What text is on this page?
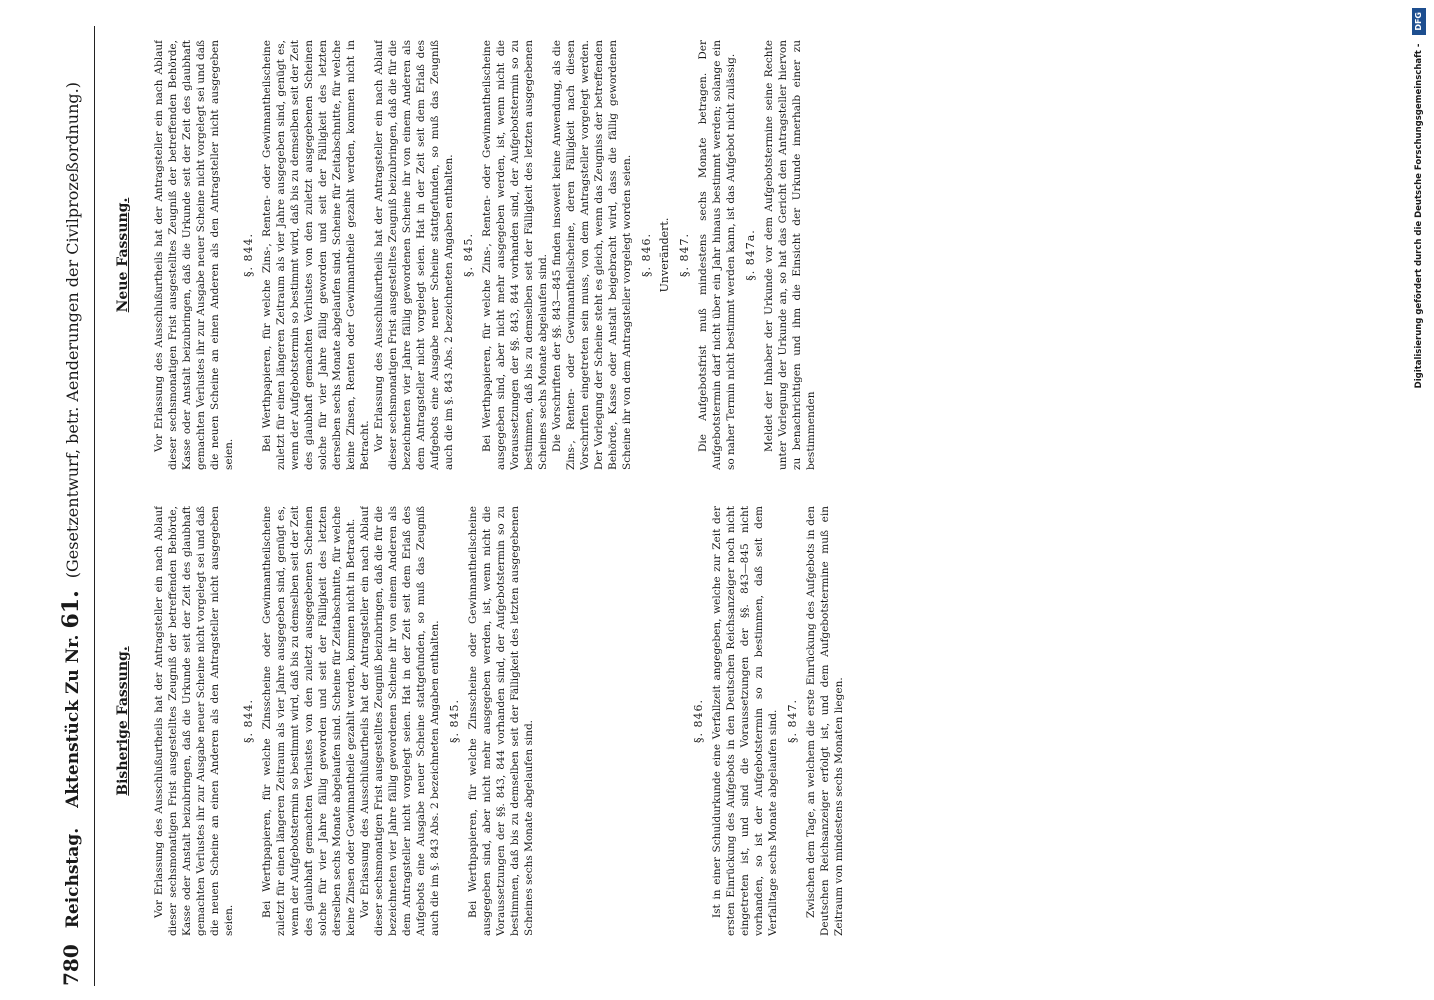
780
Reichstag.
Aktenstück Zu Nr.
61.
(Gesetzentwurf, betr. Aenderungen der Civilprozeßordnung.)
Bisherige Fassung. Vor Erlassung des Ausschlußurtheils hat der Antragsteller ein nach Ablauf dieser sechsmonatigen Frist ausgestelltes Zeugniß der betreffenden Behörde, Kasse oder Anstalt beizubringen, daß die Urkunde seit der Zeit des glaubhaft gemachten Verlustes ihr zur Ausgabe neuer Scheine nicht vorgelegt sei und daß die neuen Scheine an einen Anderen als den Antragsteller nicht ausgegeben seien.

§. 844. Bei Werthpapieren, für welche Zinsscheine oder Gewinnantheilscheine zuletzt für einen längeren Zeitraum als vier Jahre ausgegeben sind, genügt es, wenn der Aufgebotstermin so bestimmt wird, daß bis zu demselben seit der Zeit des glaubhaft gemachten Verlustes von den zuletzt ausgegebenen Scheinen solche für vier Jahre fällig geworden und seit der Fälligkeit des letzten derselben sechs Monate abgelaufen sind. Scheine für Zeitabschnitte, für welche keine Zinsen oder Gewinnantheile gezahlt werden, kommen nicht in Betracht. Vor Erlassung des Ausschlußurtheils hat der Antragsteller ein nach Ablauf dieser sechsmonatigen Frist ausgestelltes Zeugniß beizubringen, daß die für die bezeichneten vier Jahre fällig gewordenen Scheine ihr von einem Anderen als dem Antragsteller nicht vorgelegt seien. Hat in der Zeit seit dem Erlaß des Aufgebots eine Ausgabe neuer Scheine stattgefunden, so muß das Zeugniß auch die im §. 843 Abs. 2 bezeichneten Angaben enthalten. §. 845. Bei Werthpapieren, für welche Zinsscheine oder Gewinnantheilscheine ausgegeben sind, aber nicht mehr ausgegeben werden, ist, wenn nicht die Voraussetzungen der §§. 843, 844 vorhanden sind, der Aufgebotstermin so zu bestimmen, daß bis zu demselben seit der Fälligkeit des letzten ausgegebenen Scheines sechs Monate abgelaufen sind.	§. 846. Ist in einer Schuldurkunde eine Verfallzeit angegeben, welche zur Zeit der ersten Einrückung des Aufgebots in den Deutschen Reichsanzeiger noch nicht eingetreten ist, und sind die Voraussetzungen der §§. 843—845 nicht vorhanden, so ist der Aufgebotstermin so zu bestimmen, daß seit dem Verfalltage sechs Monate abgelaufen sind. §. 847. Zwischen dem Tage, an welchem die erste Einrückung des Aufgebots in den Deutschen Reichsanzeiger erfolgt ist, und dem Aufgebotstermine muß ein Zeitraum von mindestens sechs Monaten liegen.

Neue Fassung. Vor Erlassung des Ausschlußurtheils hat der Antragsteller ein nach Ablauf dieser sechsmonatigen Frist ausgestelltes Zeugniß der betreffenden Behörde, Kasse oder Anstalt beizubringen, daß die Urkunde seit der Zeit des glaubhaft gemachten Verlustes ihr zur Ausgabe neuer Scheine nicht vorgelegt sei und daß die neuen Scheine an einen Anderen als den Antragsteller nicht ausgegeben seien.

§. 844. Bei Werthpapieren, für welche Zins-, Renten- oder Gewinnantheilscheine zuletzt für einen längeren Zeitraum als vier Jahre ausgegeben sind, genügt es, wenn der Aufgebotstermin so bestimmt wird, daß bis zu demselben seit der Zeit des glaubhaft gemachten Verlustes von den zuletzt ausgegebenen Scheinen solche für vier Jahre fällig geworden und seit der Fälligkeit des letzten derselben sechs Monate abgelaufen sind. Scheine für Zeitabschnitte, für welche keine Zinsen, Renten oder Gewinnantheile gezahlt werden, kommen nicht in Betracht. Vor Erlassung des Ausschlußurtheils hat der Antragsteller ein nach Ablauf dieser sechsmonatigen Frist ausgestelltes Zeugniß beizubringen, daß die für die bezeichneten vier Jahre fällig gewordenen Scheine ihr von einem Anderen als dem Antragsteller nicht vorgelegt seien. Hat in der Zeit seit dem Erlaß des Aufgebots eine Ausgabe neuer Scheine stattgefunden, so muß das Zeugniß auch die im §. 843 Abs. 2 bezeichneten Angaben enthalten. §. 845. Bei Werthpapieren, für welche Zins-, Renten- oder Gewinnantheilscheine ausgegeben sind, aber nicht mehr ausgegeben werden, ist, wenn nicht die Voraussetzungen der §§. 843, 844 vorhanden sind, der Aufgebotstermin so zu bestimmen, daß bis zu demselben seit der Fälligkeit des letzten ausgegebenen Scheines sechs Monate abgelaufen sind. Die Vorschriften der §§. 843—845 finden insoweit keine Anwendung, als die Zins-, Renten- oder Gewinnantheilscheine, deren Fälligkeit nach diesen Vorschriften eingetreten sein muss, von dem Antragsteller vorgelegt werden. Der Vorlegung der Scheine steht es gleich, wenn das Zeugniss der betreffenden Behörde, Kasse oder Anstalt beigebracht wird, dass die fällig gewordenen Scheine ihr von dem Antragsteller vorgelegt worden seien. §. 846. Unverändert. §. 847. Die Aufgebotsfrist muß mindestens sechs Monate betragen. Der Aufgebotstermin darf nicht über ein Jahr hinaus bestimmt werden; solange ein so naher Termin nicht bestimmt werden kann, ist das Aufgebot nicht zulässig. §. 847a. Meldet der Inhaber der Urkunde vor dem Aufgebotstermine seine Rechte unter Vorlegung der Urkunde an, so hat das Gericht den Antragsteller hiervon zu benachrichtigen und ihm die Einsicht der Urkunde innerhalb einer zu bestimmenden

Digitalisierung gefördert durch die Deutsche Forschungsgemeinschaft - DFG
